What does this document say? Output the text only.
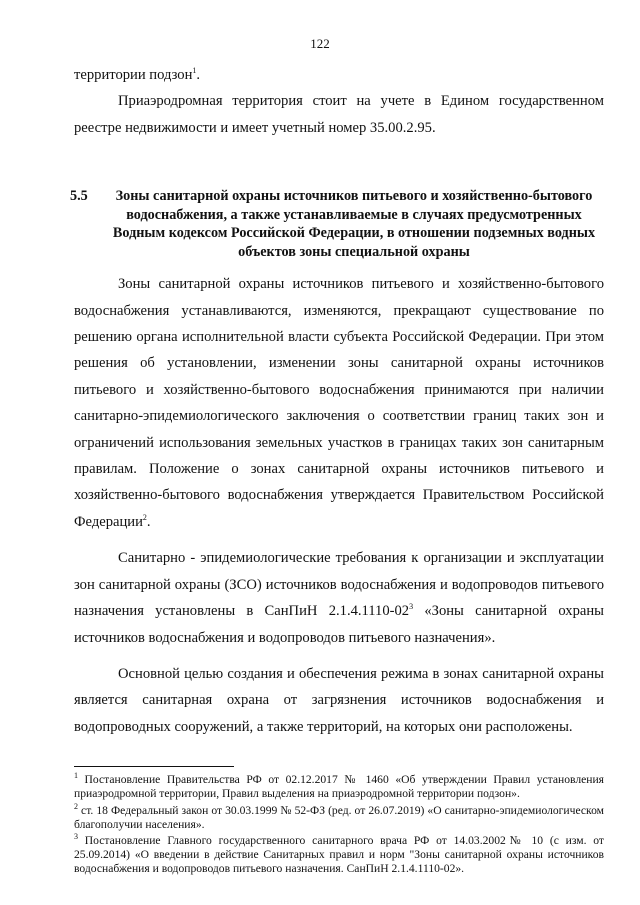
122

территории подзон$^1$.

Приаэродромная территория стоит на учете в Едином государственном реестре недвижимости и имеет учетный номер 35.00.2.95.

5.5 Зоны санитарной охраны источников питьевого и хозяйственно-бытового водоснабжения, а также устанавливаемые в случаях предусмотренных Водным кодексом Российской Федерации, в отношении подземных водных объектов зоны специальной охраны

Зоны санитарной охраны источников питьевого и хозяйственно-бытового водоснабжения устанавливаются, изменяются, прекращают существование по решению органа исполнительной власти субъекта Российской Федерации. При этом решения об установлении, изменении зоны санитарной охраны источников питьевого и хозяйственно-бытового водоснабжения принимаются при наличии санитарно-эпидемиологического заключения о соответствии границ таких зон и ограничений использования земельных участков в границах таких зон санитарным правилам. Положение о зонах санитарной охраны источников питьевого и хозяйственно-бытового водоснабжения утверждается Правительством Российской Федерации$^2$.

Санитарно - эпидемиологические требования к организации и эксплуатации зон санитарной охраны (ЗСО) источников водоснабжения и водопроводов питьевого назначения установлены в СанПиН $2.1.4.1110-02^3$ «Зоны санитарной охраны источников водоснабжения и водопроводов питьевого назначения».

Основной целью создания и обеспечения режима в зонах санитарной охраны является санитарная охрана от загрязнения источников водоснабжения и водопроводных сооружений, а также территорий, на которых они расположены.

$^1$ Постановление Правительства РФ от 02.12.2017 № 1460 «Об утверждении Правил установления приаэродромной территории, Правил выделения на приаэродромной территории подзон».

$^2$ ст. 18 Федеральный закон от 30.03.1999 № 52-ФЗ (ред. от 26.07.2019) «О санитарно-эпидемиологическом благополучии населения».

$^3$ Постановление Главного государственного санитарного врача РФ от 14.03.2002№ 10 (с изм. от 25.09.2014) «О введении в действие Санитарных правил и норм "Зоны санитарной охраны источников водоснабжения и водопроводов питьевого назначения. СанПиН 2.1.4.1110-02».
